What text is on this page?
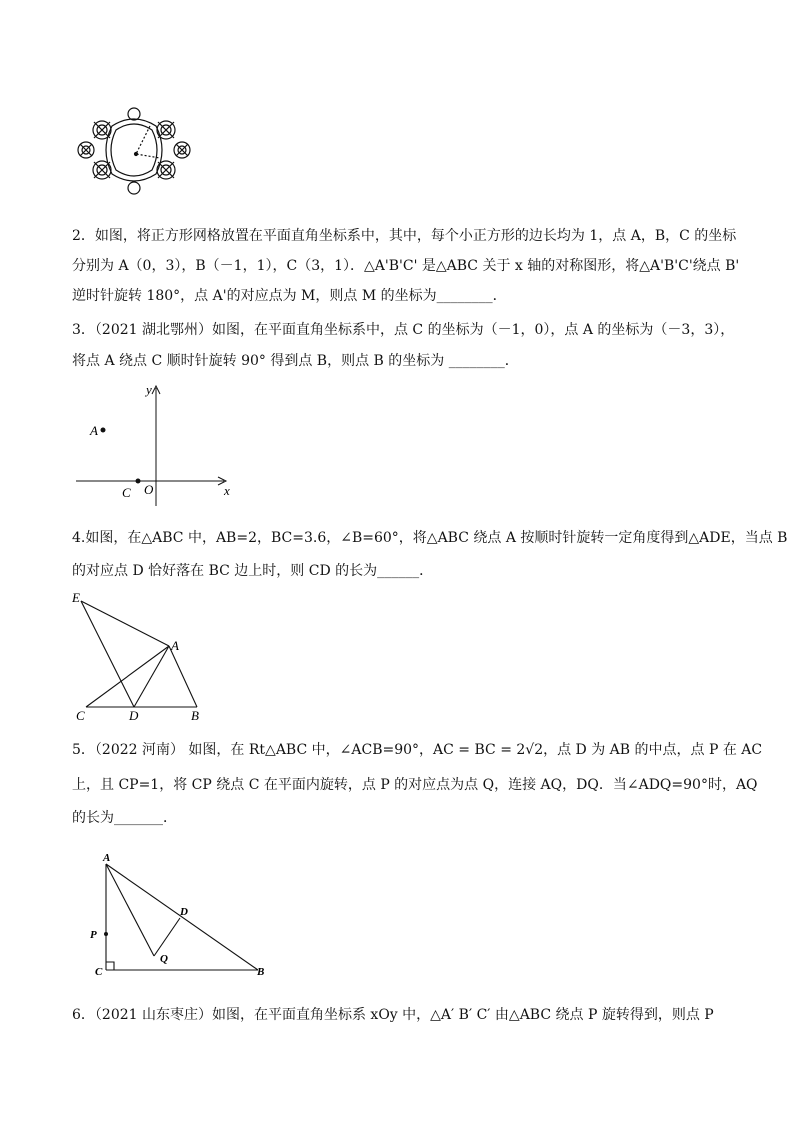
2．如图，将正方形网格放置在平面直角坐标系中，其中，每个小正方形的边长均为 1，点 A，B，C 的坐标
分别为 A（0，3），B（－1，1），C（3，1）．△A'B'C' 是△ABC 关于 x 轴的对称图形，将△A'B'C'绕点 B'
逆时针旋转 180°，点 A'的对应点为 M，则点 M 的坐标为________．
3．（2021 湖北鄂州）如图，在平面直角坐标系中，点 C 的坐标为（－1，0），点 A 的坐标为（－3，3），
将点 A 绕点 C 顺时针旋转 90° 得到点 B，则点 B 的坐标为 ________．
y
x
A
C O
4.如图，在△ABC 中，AB=2，BC=3.6，∠B=60°，将△ABC 绕点 A 按顺时针旋转一定角度得到△ADE，当点 B
的对应点 D 恰好落在 BC 边上时，则 CD 的长为______．
E
A
C	D	B
5．（2022 河南） 如图，在 Rt△ABC 中，∠ACB=90°，AC = BC = 2√2，点 D 为 AB 的中点，点 P 在 AC
上，且 CP=1，将 CP 绕点 C 在平面内旋转，点 P 的对应点为点 Q，连接 AQ，DQ．当∠ADQ=90°时，AQ
的长为_______．
A
D
P
Q
C	B
6．（2021 山东枣庄）如图，在平面直角坐标系 xOy 中，△A′ B′ C′ 由△ABC 绕点 P 旋转得到，则点 P
